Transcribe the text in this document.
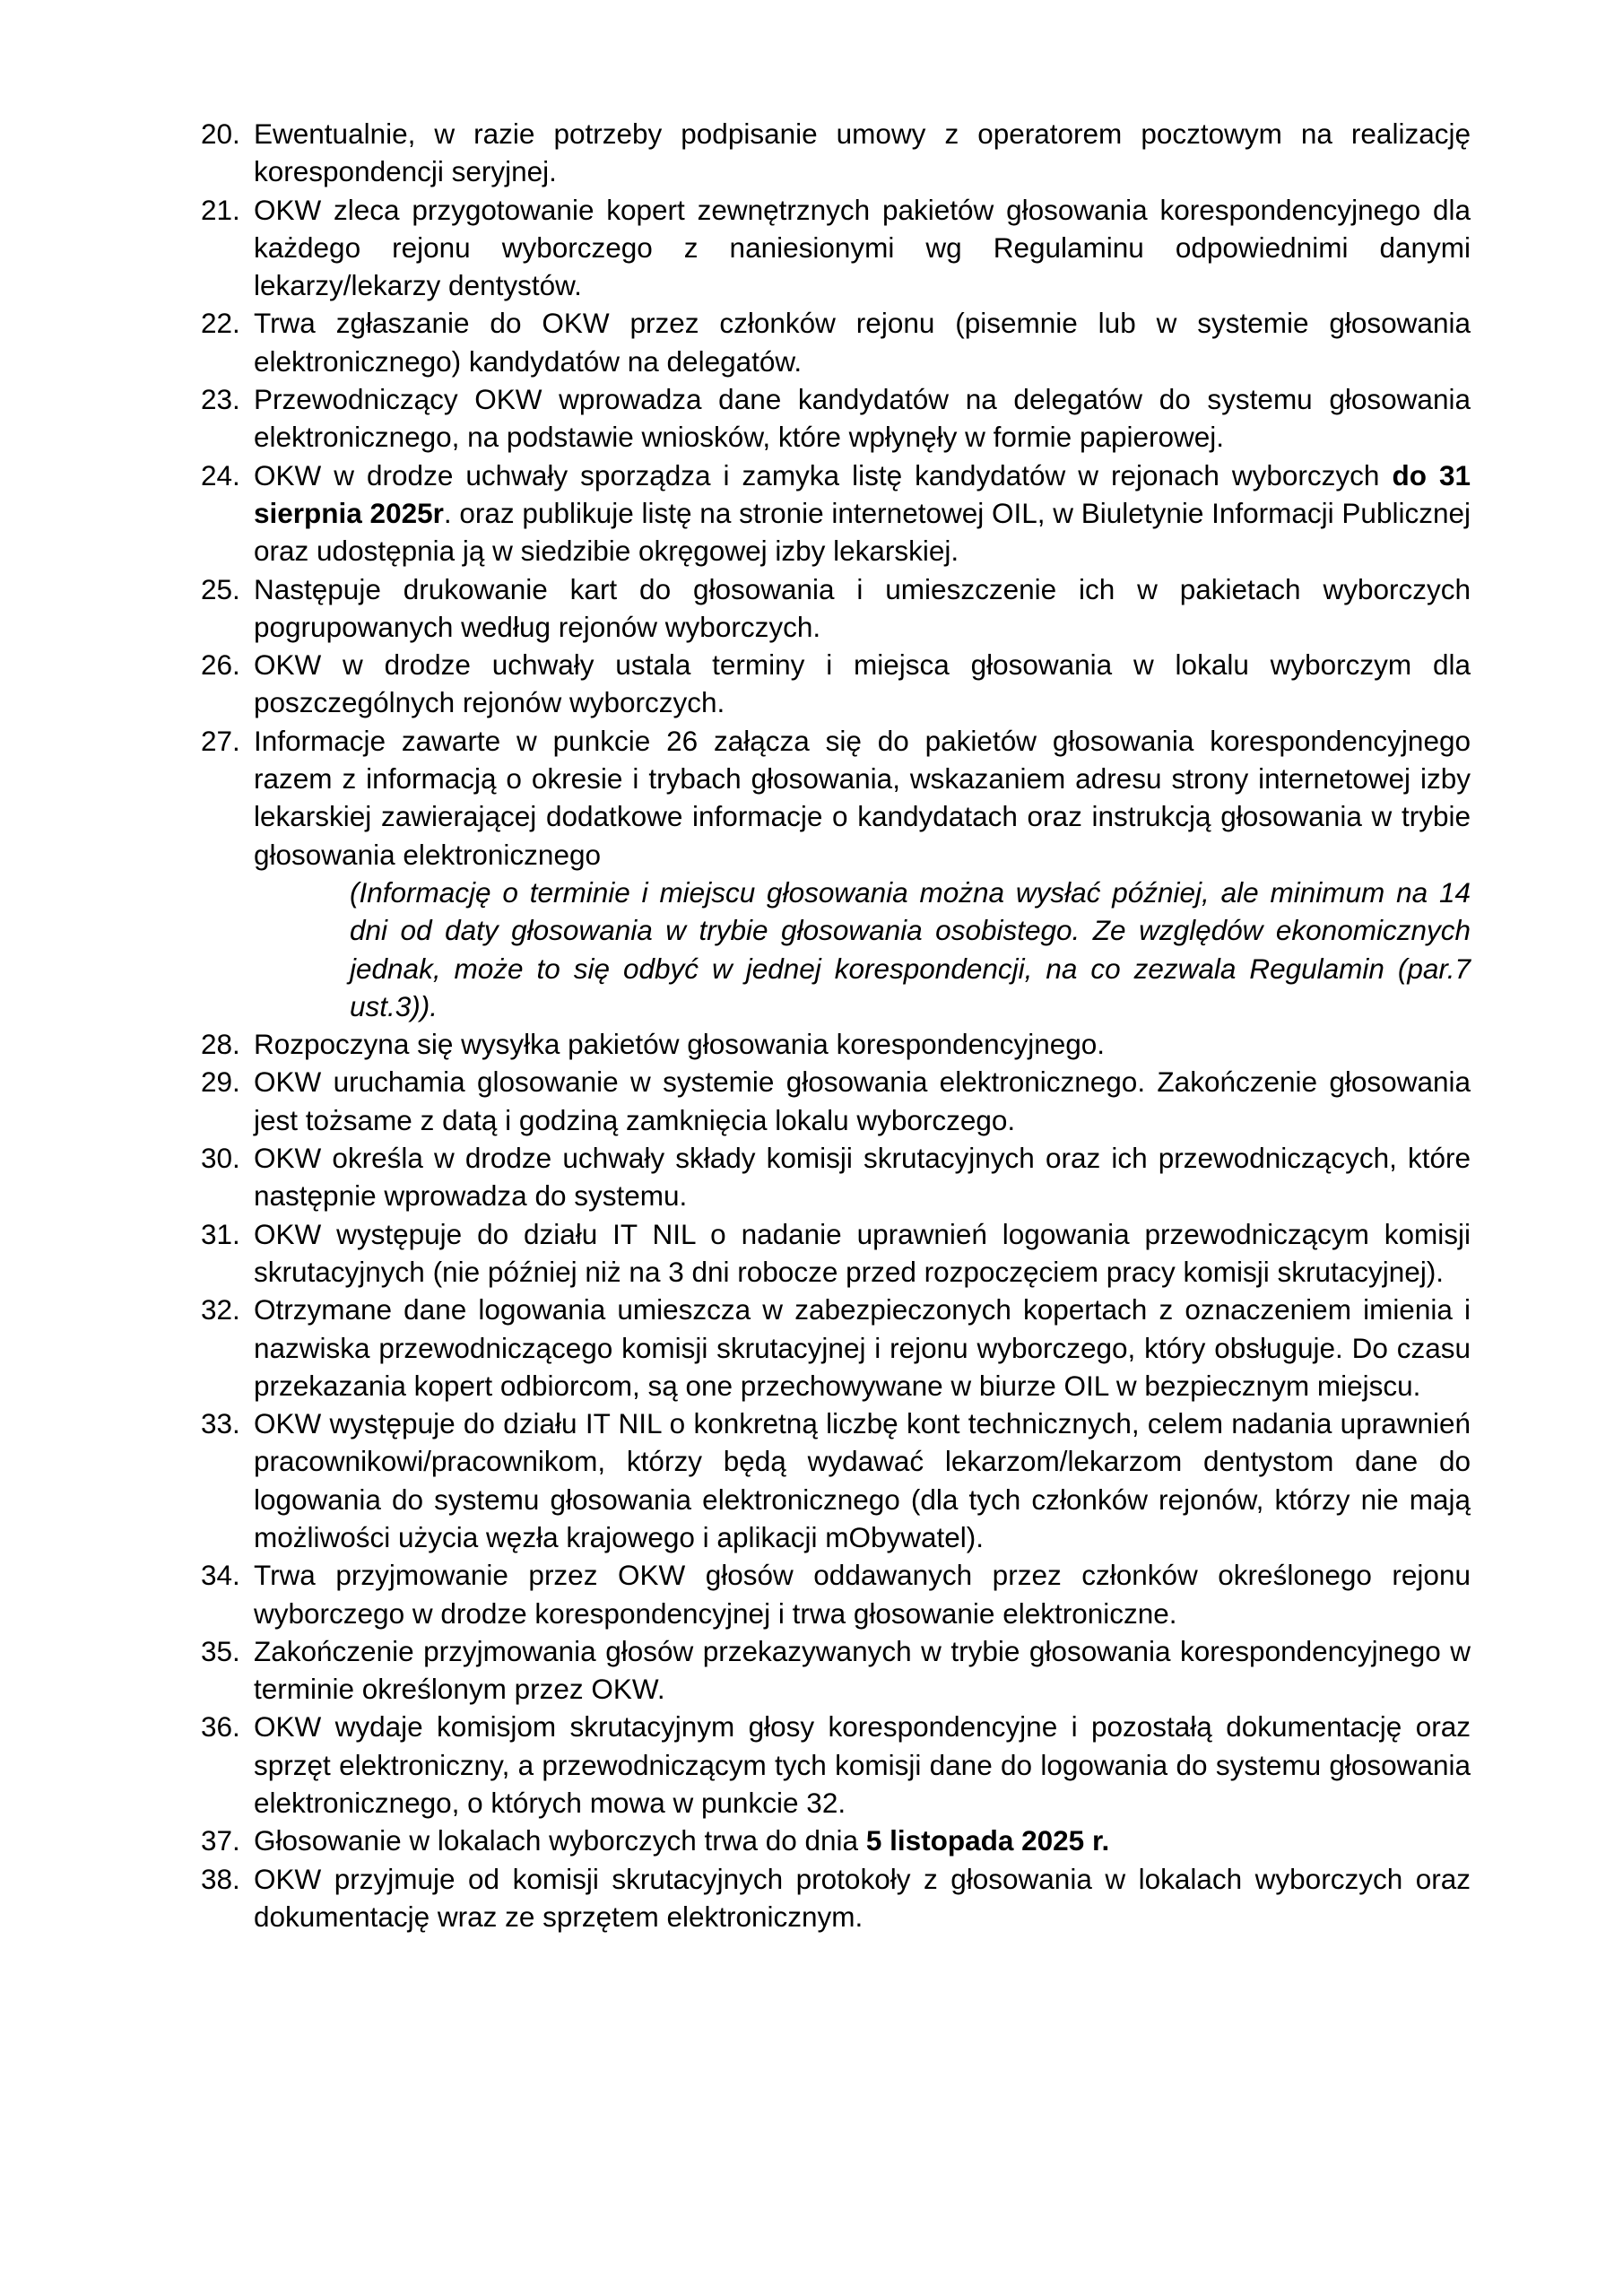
20. Ewentualnie, w razie potrzeby podpisanie umowy z operatorem pocztowym na realizację korespondencji seryjnej.
21. OKW zleca przygotowanie kopert zewnętrznych pakietów głosowania korespondencyjnego dla każdego rejonu wyborczego z naniesionymi wg Regulaminu odpowiednimi danymi lekarzy/lekarzy dentystów.
22. Trwa zgłaszanie do OKW przez członków rejonu (pisemnie lub w systemie głosowania elektronicznego) kandydatów na delegatów.
23. Przewodniczący OKW wprowadza dane kandydatów na delegatów do systemu głosowania elektronicznego, na podstawie wniosków, które wpłynęły w formie papierowej.
24. OKW w drodze uchwały sporządza i zamyka listę kandydatów w rejonach wyborczych do 31 sierpnia 2025r. oraz publikuje listę na stronie internetowej OIL, w Biuletynie Informacji Publicznej oraz udostępnia ją w siedzibie okręgowej izby lekarskiej.
25. Następuje drukowanie kart do głosowania i umieszczenie ich w pakietach wyborczych pogrupowanych według rejonów wyborczych.
26. OKW w drodze uchwały ustala terminy i miejsca głosowania w lokalu wyborczym dla poszczególnych rejonów wyborczych.
27. Informacje zawarte w punkcie 26 załącza się do pakietów głosowania korespondencyjnego razem z informacją o okresie i trybach głosowania, wskazaniem adresu strony internetowej izby lekarskiej zawierającej dodatkowe informacje o kandydatach oraz instrukcją głosowania w trybie głosowania elektronicznego
(Informację o terminie i miejscu głosowania można wysłać później, ale minimum na 14 dni od daty głosowania w trybie głosowania osobistego. Ze względów ekonomicznych jednak, może to się odbyć w jednej korespondencji, na co zezwala Regulamin (par.7 ust.3)).
28. Rozpoczyna się wysyłka pakietów głosowania korespondencyjnego.
29. OKW uruchamia glosowanie w systemie głosowania elektronicznego. Zakończenie głosowania jest tożsame z datą i godziną zamknięcia lokalu wyborczego.
30. OKW określa w drodze uchwały składy komisji skrutacyjnych oraz ich przewodniczących, które następnie wprowadza do systemu.
31. OKW występuje do działu IT NIL o nadanie uprawnień logowania przewodniczącym komisji skrutacyjnych (nie później niż na 3 dni robocze przed rozpoczęciem pracy komisji skrutacyjnej).
32. Otrzymane dane logowania umieszcza w zabezpieczonych kopertach z oznaczeniem imienia i nazwiska przewodniczącego komisji skrutacyjnej i rejonu wyborczego, który obsługuje. Do czasu przekazania kopert odbiorcom, są one przechowywane w biurze OIL w bezpiecznym miejscu.
33. OKW występuje do działu IT NIL o konkretną liczbę kont technicznych, celem nadania uprawnień pracownikowi/pracownikom, którzy będą wydawać lekarzom/lekarzom dentystom dane do logowania do systemu głosowania elektronicznego (dla tych członków rejonów, którzy nie mają możliwości użycia węzła krajowego i aplikacji mObywatel).
34. Trwa przyjmowanie przez OKW głosów oddawanych przez członków określonego rejonu wyborczego w drodze korespondencyjnej i trwa głosowanie elektroniczne.
35. Zakończenie przyjmowania głosów przekazywanych w trybie głosowania korespondencyjnego w terminie określonym przez OKW.
36. OKW wydaje komisjom skrutacyjnym głosy korespondencyjne i pozostałą dokumentację oraz sprzęt elektroniczny, a przewodniczącym tych komisji dane do logowania do systemu głosowania elektronicznego, o których mowa w punkcie 32.
37. Głosowanie w lokalach wyborczych trwa do dnia 5 listopada 2025 r.
38. OKW przyjmuje od komisji skrutacyjnych protokoły z głosowania w lokalach wyborczych oraz dokumentację wraz ze sprzętem elektronicznym.
